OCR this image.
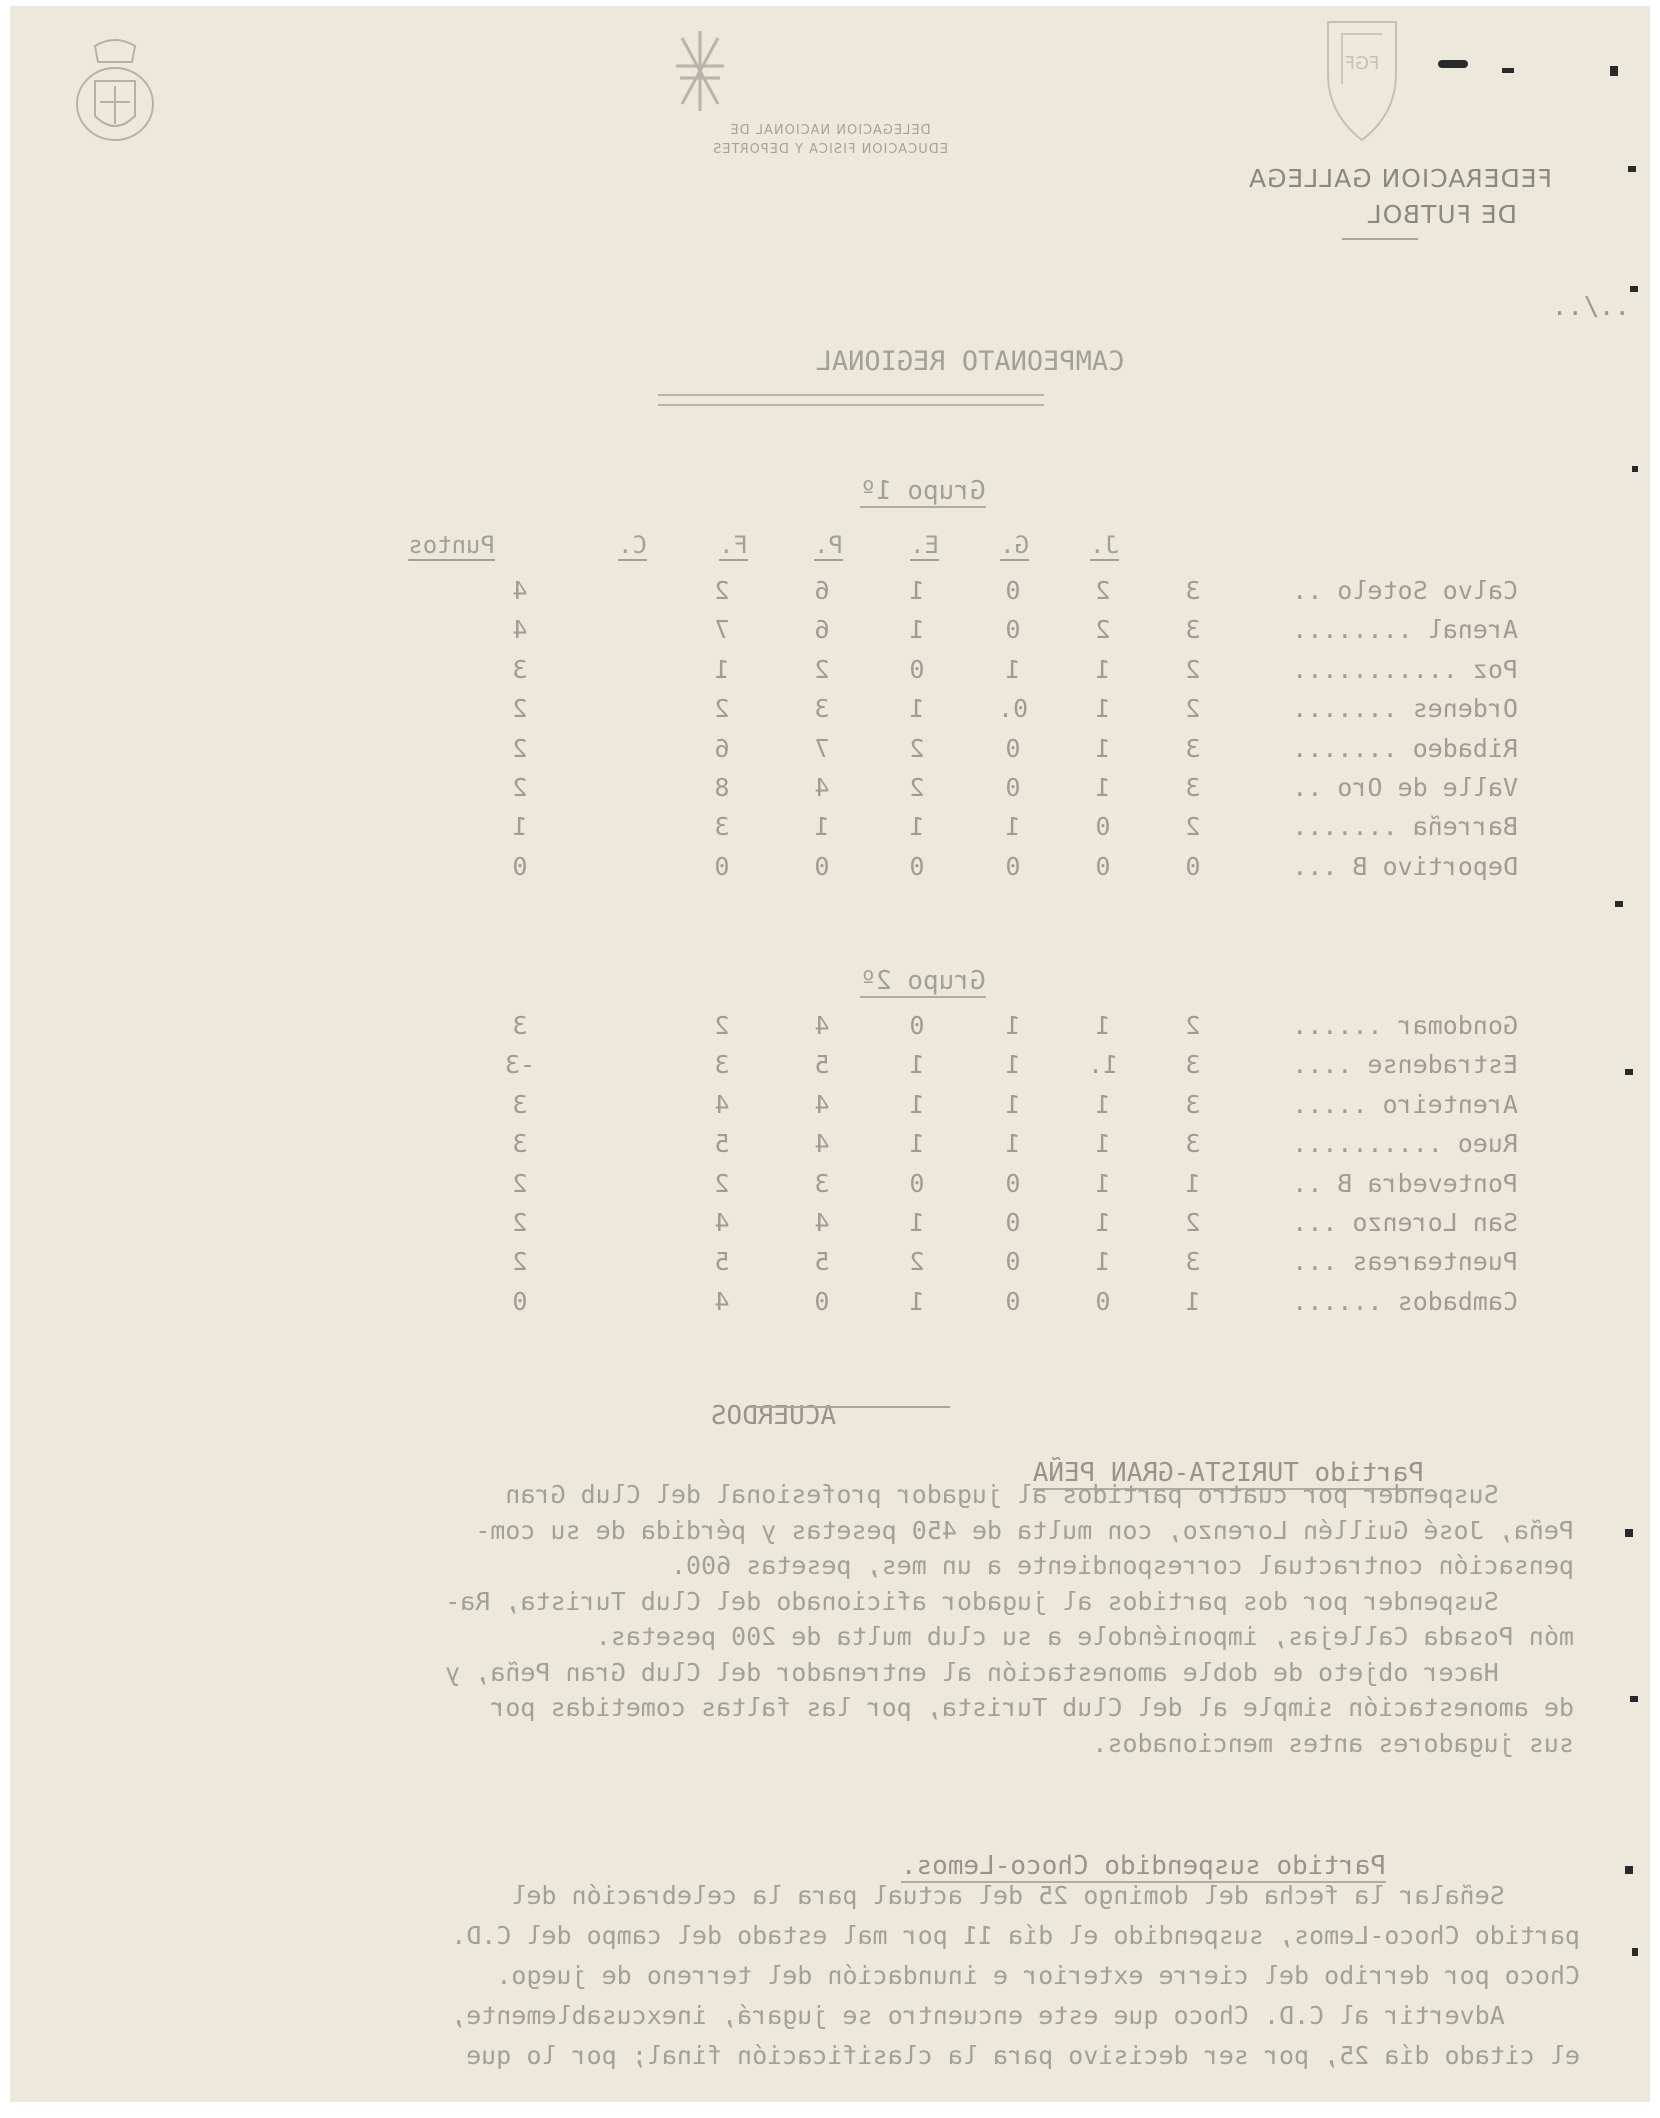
DELEGACION NACIONAL DE
EDUCACION FISICA Y DEPORTES
FEDERACION GALLEGA
DE FUTBOL
../..
FGF
CAMPEONATO REGIONAL

Grupo 1º

J.
G.
E.
P.
F.
C.
Puntos
Calvo Sotelo ..
3
2
0
1
6
2
4
Arenal ........
3
2
0
1
6
7
4
Poz ...........
2
1
1
0
2
1
3
Ordenes .......
2
1
0.
1
3
2
2
Ribadeo .......
3
1
0
2
7
6
2
Valle de Oro ..
3
1
0
2
4
8
2
Barreña .......
2
0
1
1
1
3
1
Deportivo B ...
0
0
0
0
0
0
0

Grupo 2º

Gondomar ......
2
1
1
0
4
2
3
Estradense ....
3
1.
1
1
5
3
-3
Arenteiro .....
3
1
1
1
4
4
3
Rueo ..........
3
1
1
1
4
5
3
Pontevedra B ..
1
1
0
0
3
2
2
San Lorenzo ...
2
1
0
1
4
4
2
Puenteareas ...
3
1
0
2
5
5
2
Cambados ......
1
0
0
1
0
4
0

ACUERDOS

Partido TURISTA-GRAN PEÑA

Suspender por cuatro partidos al jugador profesional del Club Gran
Peña, José Guillén Lorenzo, con multa de 450 pesetas y pérdida de su com-
pensación contractual correspondiente a un mes, pesetas 600.
Suspender por dos partidos al jugador aficionado del Club Turista, Ra-
món Posada Callejas, imponiéndole a su club multa de 200 pesetas.
Hacer objeto de doble amonestación al entrenador del Club Gran Peña, y
de amonestación simple al del Club Turista, por las faltas cometidas por
sus jugadores antes mencionados.

Partido suspendido Choco-Lemos.

Señalar la fecha del domingo 25 del actual para la celebración del
partido Choco-Lemos, suspendido el día 11 por mal estado del campo del C.D.
Choco por derribo del cierre exterior e inundación del terreno de juego.
Advertir al C.D. Choco que este encuentro se jugará, inexcusablemente,
el citado día 25, por ser decisivo para la clasificación final; por lo que
